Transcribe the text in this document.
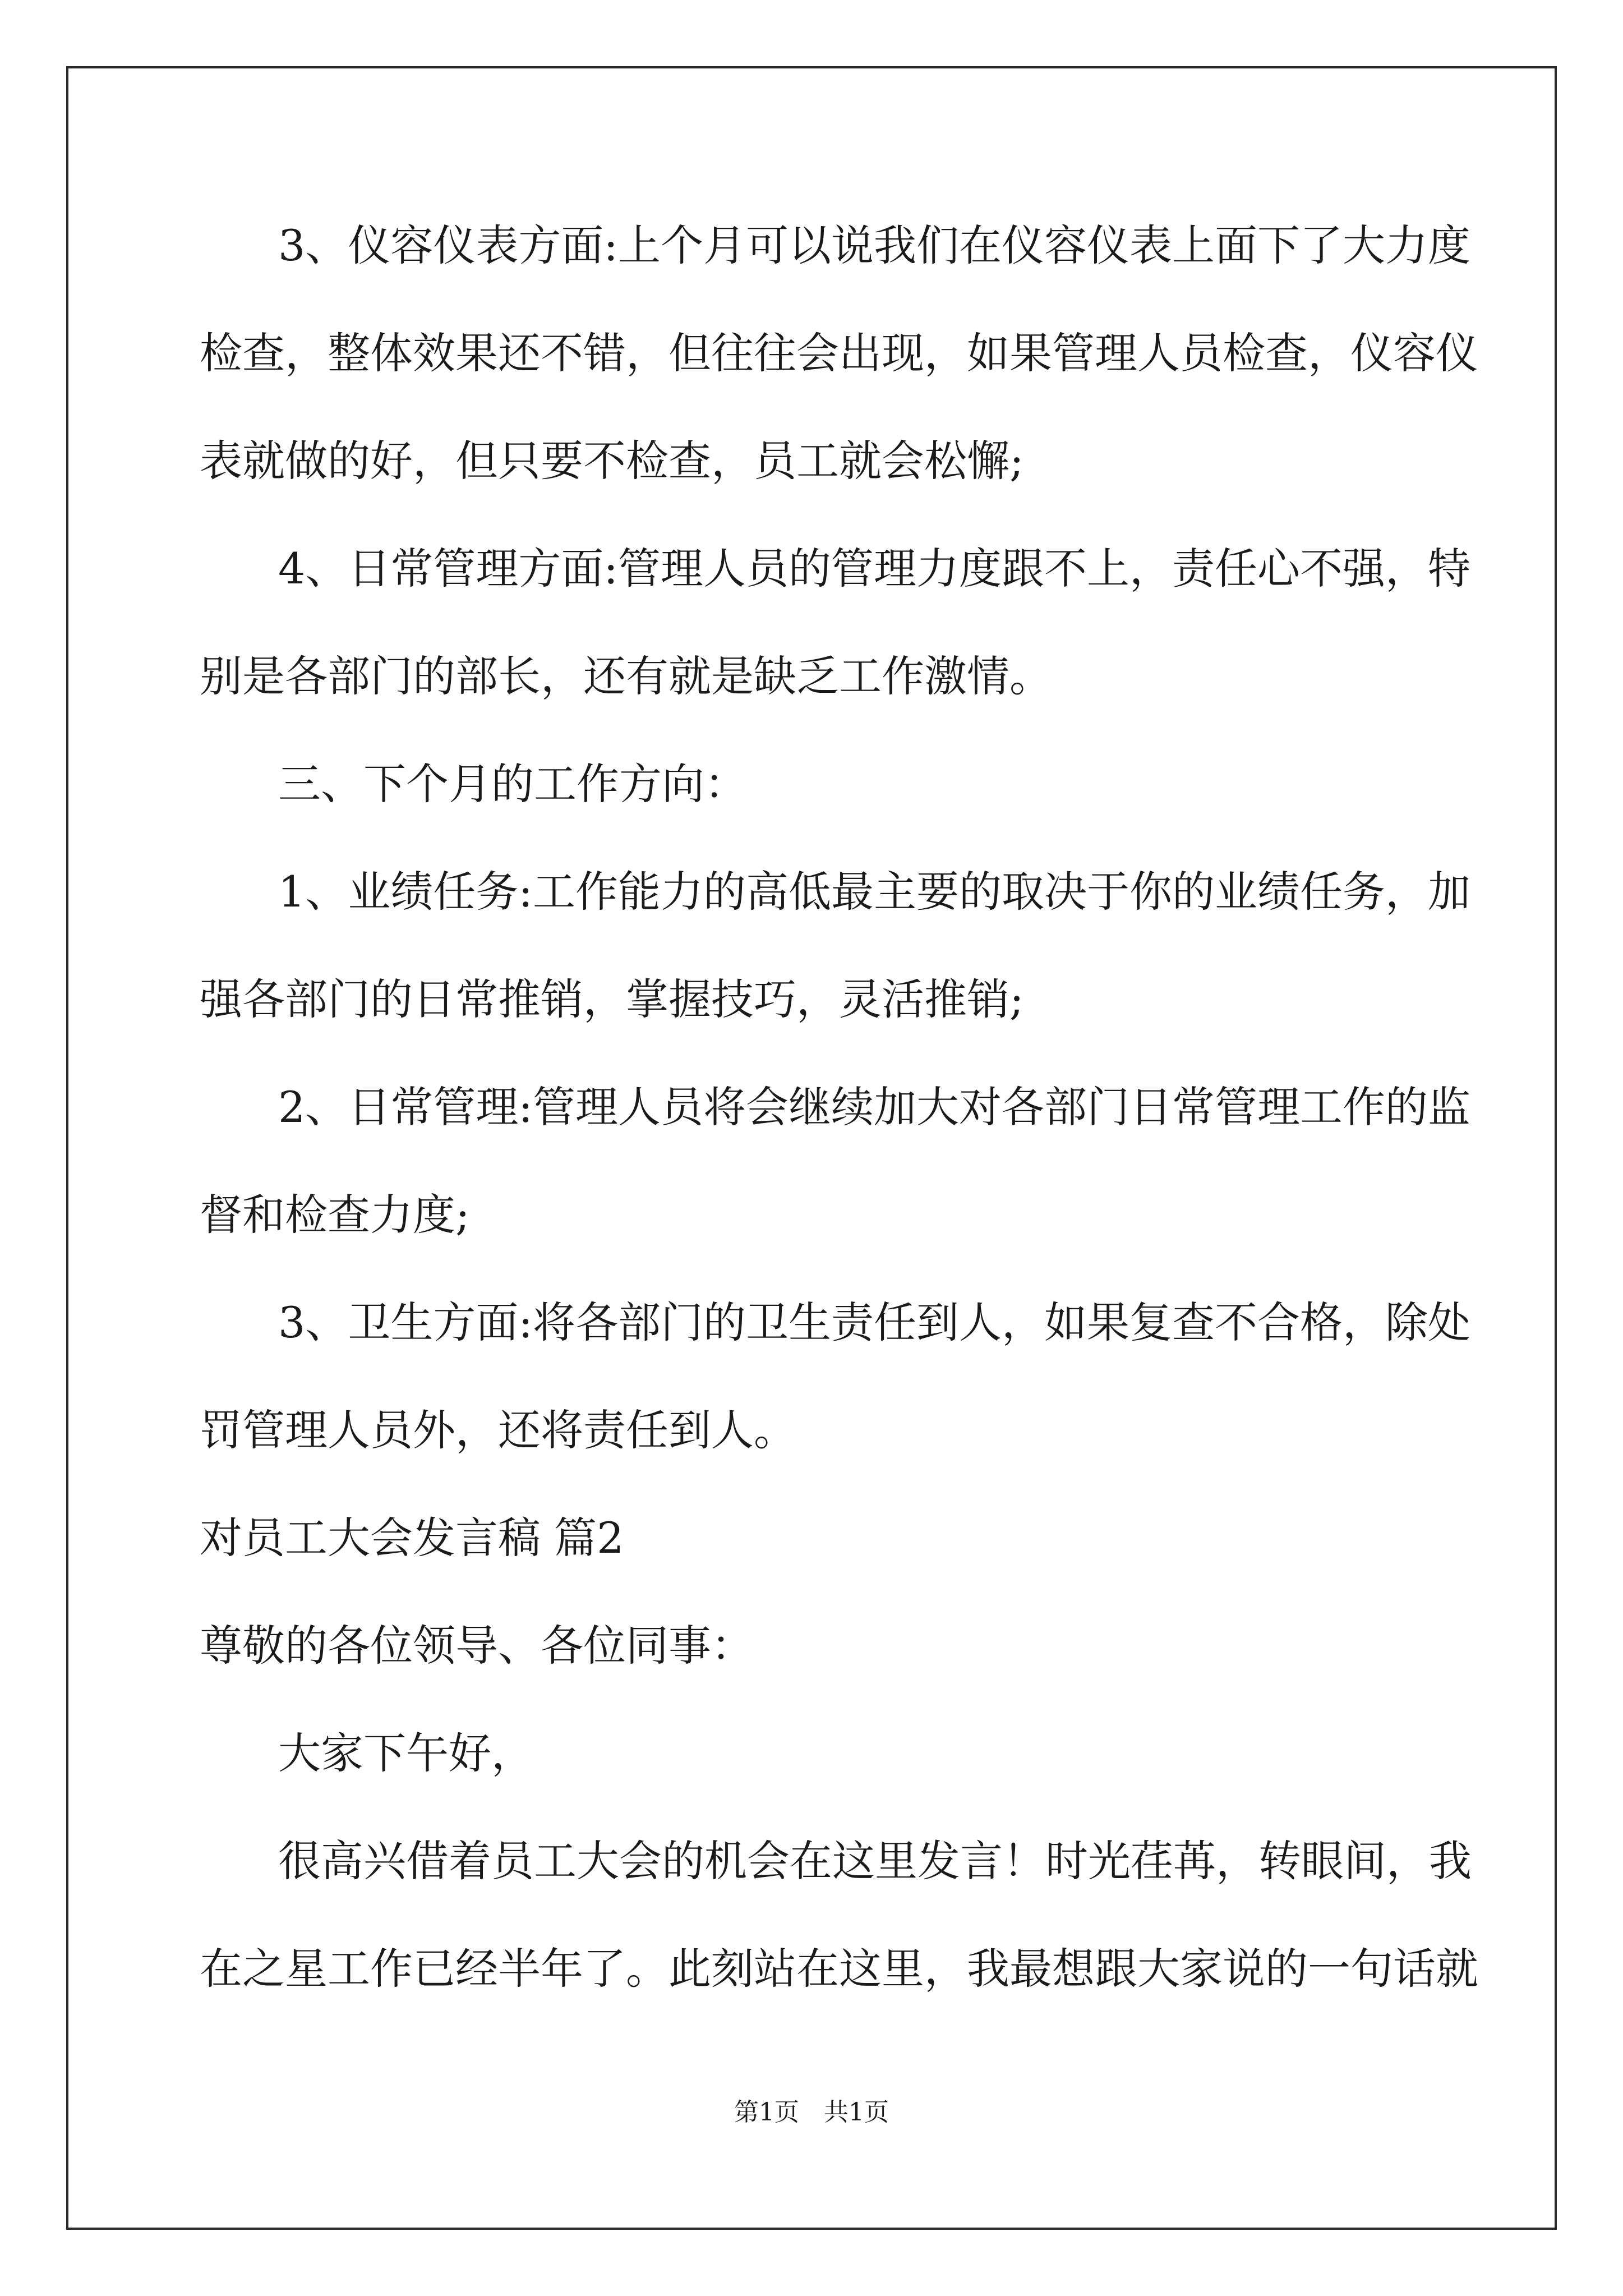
3、仪容仪表方面:上个月可以说我们在仪容仪表上面下了大力度
检查，整体效果还不错，但往往会出现，如果管理人员检查，仪容仪
表就做的好，但只要不检查，员工就会松懈;
4、日常管理方面:管理人员的管理力度跟不上，责任心不强，特
别是各部门的部长，还有就是缺乏工作激情。
三、下个月的工作方向：
1、业绩任务:工作能力的高低最主要的取决于你的业绩任务，加
强各部门的日常推销，掌握技巧，灵活推销;
2、日常管理:管理人员将会继续加大对各部门日常管理工作的监
督和检查力度;
3、卫生方面:将各部门的卫生责任到人，如果复查不合格，除处
罚管理人员外，还将责任到人。
对员工大会发言稿 篇2
尊敬的各位领导、各位同事：
大家下午好，
很高兴借着员工大会的机会在这里发言！时光荏苒，转眼间，我
在之星工作已经半年了。此刻站在这里，我最想跟大家说的一句话就
第1页　共1页
